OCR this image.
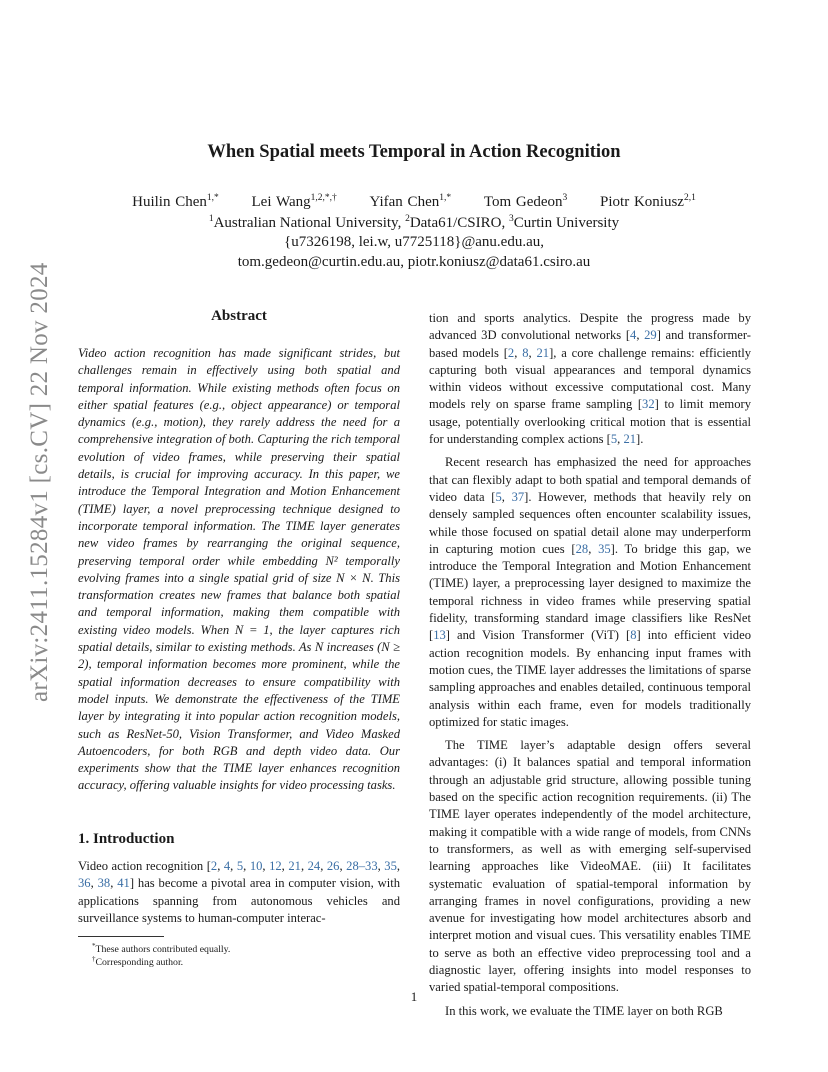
arXiv:2411.15284v1 [cs.CV] 22 Nov 2024
When Spatial meets Temporal in Action Recognition
Huilin Chen$^{1,*}$ Lei Wang$^{1,2,*,\dagger}$ Yifan Chen$^{1,*}$ Tom Gedeon$^3$ Piotr Koniusz$^{2,1}$
$^1$Australian National University, $^2$Data61/CSIRO, $^3$Curtin University
{u7326198, lei.w, u7725118}@anu.edu.au,
tom.gedeon@curtin.edu.au, piotr.koniusz@data61.csiro.au
Abstract

Video action recognition has made significant strides, but challenges remain in effectively using both spatial and temporal information. While existing methods often focus on either spatial features (e.g., object appearance) or temporal dynamics (e.g., motion), they rarely address the need for a comprehensive integration of both. Capturing the rich temporal evolution of video frames, while preserving their spatial details, is crucial for improving accuracy. In this paper, we introduce the Temporal Integration and Motion Enhancement (TIME) layer, a novel preprocessing technique designed to incorporate temporal information. The TIME layer generates new video frames by rearranging the original sequence, preserving temporal order while embedding N² temporally evolving frames into a single spatial grid of size N × N. This transformation creates new frames that balance both spatial and temporal information, making them compatible with existing video models. When N = 1, the layer captures rich spatial details, similar to existing methods. As N increases (N ≥ 2), temporal information becomes more prominent, while the spatial information decreases to ensure compatibility with model inputs. We demonstrate the effectiveness of the TIME layer by integrating it into popular action recognition models, such as ResNet-50, Vision Transformer, and Video Masked Autoencoders, for both RGB and depth video data. Our experiments show that the TIME layer enhances recognition accuracy, offering valuable insights for video processing tasks.

1. Introduction

Video action recognition [2, 4, 5, 10, 12, 21, 24, 26, 28–33, 35, 36, 38, 41] has become a pivotal area in computer vision, with applications spanning from autonomous vehicles and surveillance systems to human-computer interac-

tion and sports analytics. Despite the progress made by advanced 3D convolutional networks [4, 29] and transformer-based models [2, 8, 21], a core challenge remains: efficiently capturing both visual appearances and temporal dynamics within videos without excessive computational cost. Many models rely on sparse frame sampling [32] to limit memory usage, potentially overlooking critical motion that is essential for understanding complex actions [5, 21].

Recent research has emphasized the need for approaches that can flexibly adapt to both spatial and temporal demands of video data [5, 37]. However, methods that heavily rely on densely sampled sequences often encounter scalability issues, while those focused on spatial detail alone may underperform in capturing motion cues [28, 35]. To bridge this gap, we introduce the Temporal Integration and Motion Enhancement (TIME) layer, a preprocessing layer designed to maximize the temporal richness in video frames while preserving spatial fidelity, transforming standard image classifiers like ResNet [13] and Vision Transformer (ViT) [8] into efficient video action recognition models. By enhancing input frames with motion cues, the TIME layer addresses the limitations of sparse sampling approaches and enables detailed, continuous temporal analysis within each frame, even for models traditionally optimized for static images.

The TIME layer’s adaptable design offers several advantages: (i) It balances spatial and temporal information through an adjustable grid structure, allowing possible tuning based on the specific action recognition requirements. (ii) The TIME layer operates independently of the model architecture, making it compatible with a wide range of models, from CNNs to transformers, as well as with emerging self-supervised learning approaches like VideoMAE. (iii) It facilitates systematic evaluation of spatial-temporal information by arranging frames in novel configurations, providing a new avenue for investigating how model architectures absorb and interpret motion and visual cues. This versatility enables TIME to serve as both an effective video preprocessing tool and a diagnostic layer, offering insights into model responses to varied spatial-temporal compositions.

In this work, we evaluate the TIME layer on both RGB

*These authors contributed equally.
†Corresponding author.
1
